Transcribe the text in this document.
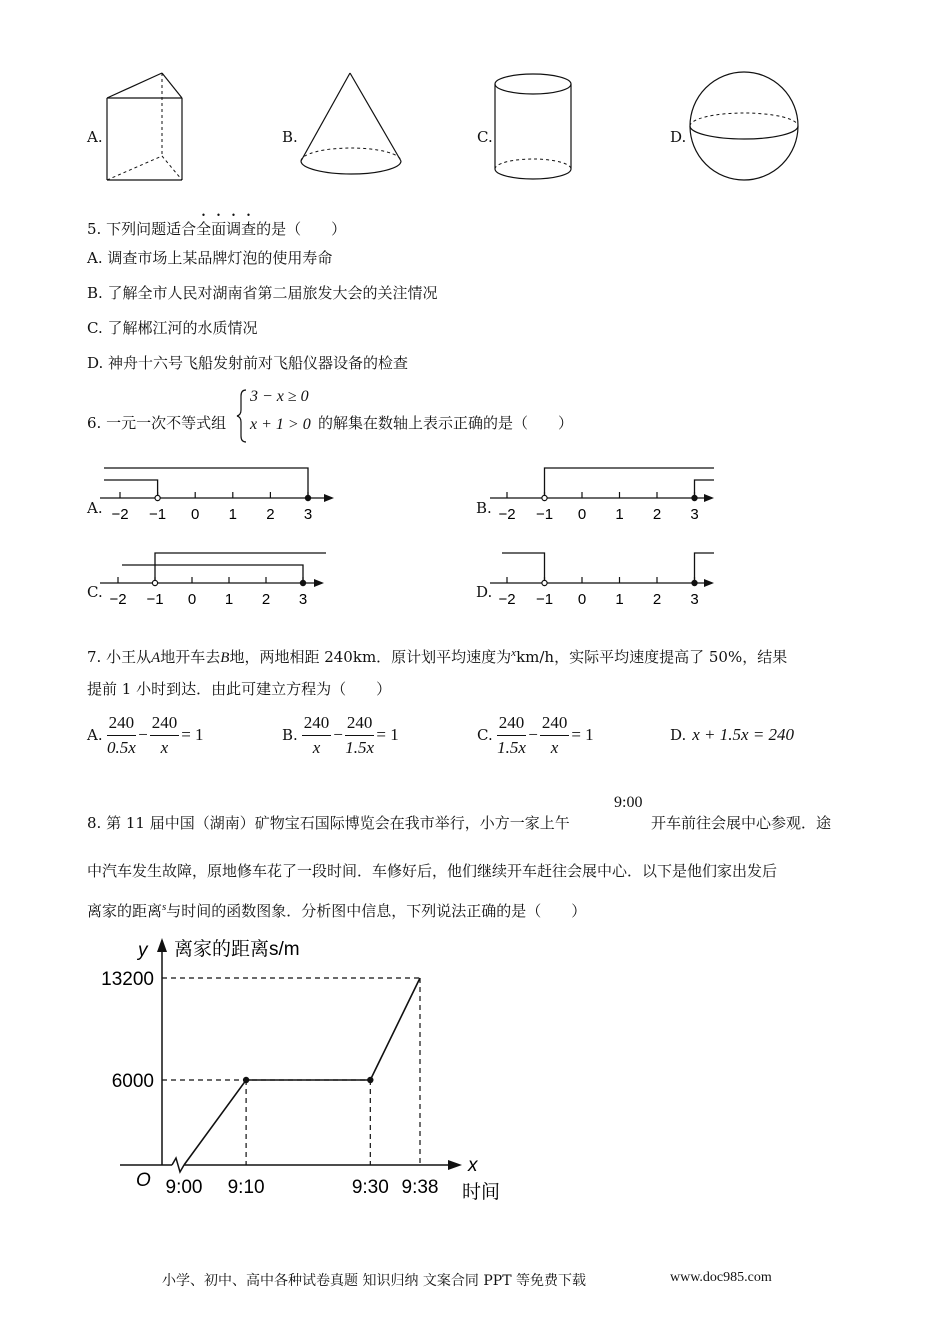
A.	B.	C.	D.
5. 下列问题适合全面调查的是（　　）
A. 调查市场上某品牌灯泡的使用寿命
B. 了解全市人民对湖南省第二届旅发大会的关注情况
C. 了解郴江河的水质情况
D. 神舟十六号飞船发射前对飞船仪器设备的检查
6. 一元一次不等式组
3 − x ≥ 0
x + 1 > 0 的解集在数轴上表示正确的是（　　）
A. −2 −1 0 1 2 3	B. −2 −1 0 1 2 3
C. −2 −1 0 1 2 3	D. −2 −1 0 1 2 3
7. 小王从A地开车去B地，两地相距 240km．原计划平均速度为$^x$km/h，实际平均速度提高了 50%，结果
提前 1 小时到达．由此可建立方程为（　　）
A. $\frac{240}{0.5x} - \frac{240}{x} = 1$	B. $\frac{240}{x} - \frac{240}{1.5x} = 1$	C. $\frac{240}{1.5x} - \frac{240}{x} = 1$	D. x + 1.5x = 240
8. 第 11 届中国（湖南）矿物宝石国际博览会在我市举行，小方一家上午
9:00
开车前往会展中心参观．途
中汽车发生故障，原地修车花了一段时间．车修好后，他们继续开车赶往会展中心．以下是他们家出发后
离家的距离$^s$与时间的函数图象．分析图中信息，下列说法正确的是（　　）
y 离家的距离s/m
x
时间
O
6000
13200
9:00 9:10	9:30 9:38
小学、初中、高中各种试卷真题 知识归纳 文案合同 PPT 等免费下载	www.doc985.com
